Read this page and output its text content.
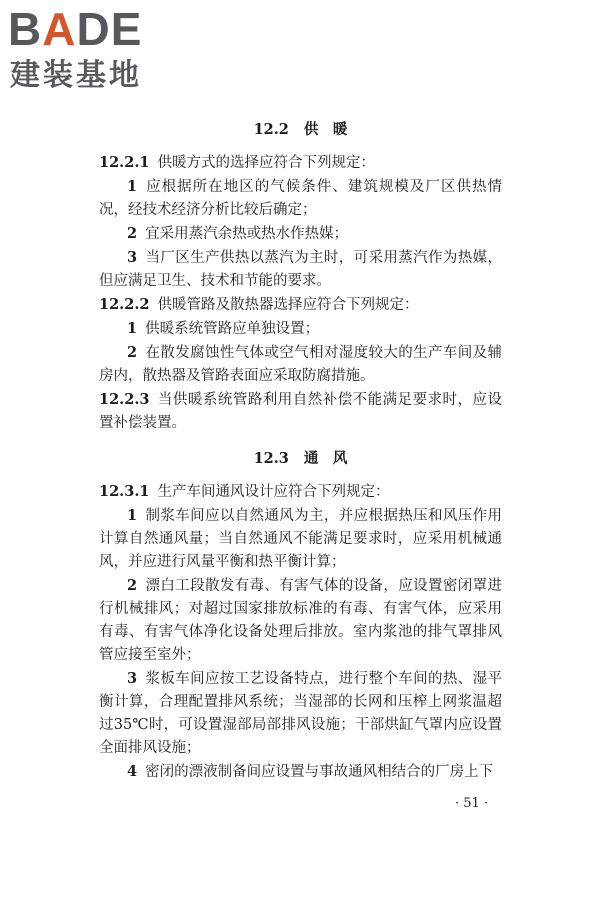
BADE
建装基地
12.2 供　暖

12.2.1 供暖方式的选择应符合下列规定：

1 应根据所在地区的气候条件、建筑规模及厂区供热情况，经技术经济分析比较后确定；

2 宜采用蒸汽余热或热水作热媒；

3 当厂区生产供热以蒸汽为主时，可采用蒸汽作为热媒，但应满足卫生、技术和节能的要求。

12.2.2 供暖管路及散热器选择应符合下列规定：

1 供暖系统管路应单独设置；

2 在散发腐蚀性气体或空气相对湿度较大的生产车间及辅房内，散热器及管路表面应采取防腐措施。

12.2.3 当供暖系统管路利用自然补偿不能满足要求时，应设置补偿装置。

12.3 通　风

12.3.1 生产车间通风设计应符合下列规定：

1 制浆车间应以自然通风为主，并应根据热压和风压作用计算自然通风量；当自然通风不能满足要求时，应采用机械通风，并应进行风量平衡和热平衡计算；

2 漂白工段散发有毒、有害气体的设备，应设置密闭罩进行机械排风；对超过国家排放标准的有毒、有害气体，应采用有毒、有害气体净化设备处理后排放。室内浆池的排气罩排风管应接至室外；

3 浆板车间应按工艺设备特点，进行整个车间的热、湿平衡计算，合理配置排风系统；当湿部的长网和压榨上网浆温超过35℃时，可设置湿部局部排风设施；干部烘缸气罩内应设置全面排风设施；

4 密闭的漂液制备间应设置与事故通风相结合的厂房上下

· 51 ·
